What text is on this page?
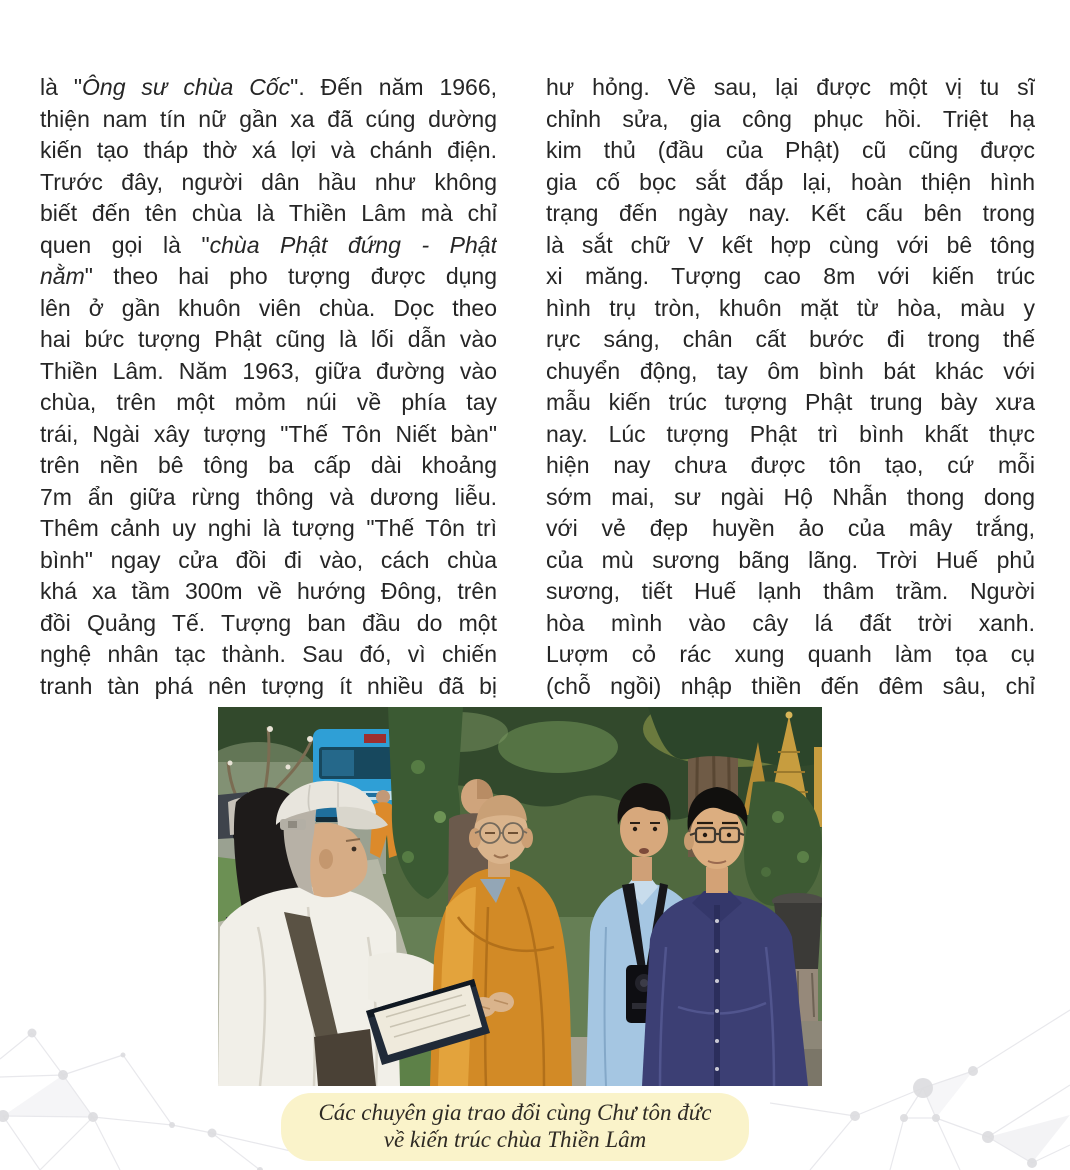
là "Ông sư chùa Cốc". Đến năm 1966,
thiện nam tín nữ gần xa đã cúng dường
kiến tạo tháp thờ xá lợi và chánh điện.
Trước đây, người dân hầu như không
biết đến tên chùa là Thiền Lâm mà chỉ
quen gọi là "chùa Phật đứng - Phật
nằm" theo hai pho tượng được dụng
lên ở gần khuôn viên chùa. Dọc theo
hai bức tượng Phật cũng là lối dẫn vào
Thiền Lâm. Năm 1963, giữa đường vào
chùa, trên một mỏm núi về phía tay
trái, Ngài xây tượng "Thế Tôn Niết bàn"
trên nền bê tông ba cấp dài khoảng
7m ẩn giữa rừng thông và dương liễu.
Thêm cảnh uy nghi là tượng "Thế Tôn trì
bình" ngay cửa đồi đi vào, cách chùa
khá xa tầm 300m về hướng Đông, trên
đồi Quảng Tế. Tượng ban đầu do một
nghệ nhân tạc thành. Sau đó, vì chiến
tranh tàn phá nên tượng ít nhiều đã bị
hư hỏng. Về sau, lại được một vị tu sĩ
chỉnh sửa, gia công phục hồi. Triệt hạ
kim thủ (đầu của Phật) cũ cũng được
gia cố bọc sắt đắp lại, hoàn thiện hình
trạng đến ngày nay. Kết cấu bên trong
là sắt chữ V kết hợp cùng với bê tông
xi măng. Tượng cao 8m với kiến trúc
hình trụ tròn, khuôn mặt từ hòa, màu y
rực sáng, chân cất bước đi trong thế
chuyển động, tay ôm bình bát khác với
mẫu kiến trúc tượng Phật trung bày xưa
nay. Lúc tượng Phật trì bình khất thực
hiện nay chưa được tôn tạo, cứ mỗi
sớm mai, sư ngài Hộ Nhẫn thong dong
với vẻ đẹp huyền ảo của mây trắng,
của mù sương bãng lãng. Trời Huế phủ
sương, tiết Huế lạnh thâm trầm. Người
hòa mình vào cây lá đất trời xanh.
Lượm cỏ rác xung quanh làm tọa cụ
(chỗ ngồi) nhập thiền đến đêm sâu, chỉ
Các chuyên gia trao đổi cùng Chư tôn đức
về kiến trúc chùa Thiền Lâm
